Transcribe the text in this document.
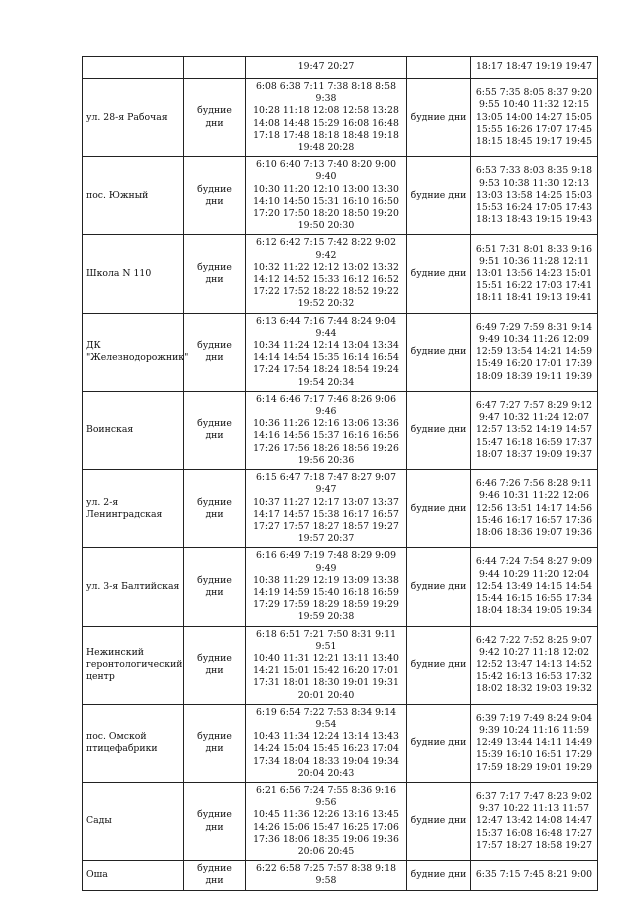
		19:47 20:27		18:17 18:47 19:19 19:47
ул. 28-я Рабочая	будние дни	6:08 6:38 7:11 7:38 8:18 8:58 9:38
10:28 11:18 12:08 12:58 13:28
14:08 14:48 15:29 16:08 16:48
17:18 17:48 18:18 18:48 19:18
19:48 20:28	будние дни	6:55 7:35 8:05 8:37 9:20
9:55 10:40 11:32 12:15
13:05 14:00 14:27 15:05
15:55 16:26 17:07 17:45
18:15 18:45 19:17 19:45
пос. Южный	будние дни	6:10 6:40 7:13 7:40 8:20 9:00 9:40
10:30 11:20 12:10 13:00 13:30
14:10 14:50 15:31 16:10 16:50
17:20 17:50 18:20 18:50 19:20
19:50 20:30	будние дни	6:53 7:33 8:03 8:35 9:18
9:53 10:38 11:30 12:13
13:03 13:58 14:25 15:03
15:53 16:24 17:05 17:43
18:13 18:43 19:15 19:43
Школа N 110	будние дни	6:12 6:42 7:15 7:42 8:22 9:02 9:42
10:32 11:22 12:12 13:02 13:32
14:12 14:52 15:33 16:12 16:52
17:22 17:52 18:22 18:52 19:22
19:52 20:32	будние дни	6:51 7:31 8:01 8:33 9:16
9:51 10:36 11:28 12:11
13:01 13:56 14:23 15:01
15:51 16:22 17:03 17:41
18:11 18:41 19:13 19:41
ДК "Железнодорожник"	будние дни	6:13 6:44 7:16 7:44 8:24 9:04 9:44
10:34 11:24 12:14 13:04 13:34
14:14 14:54 15:35 16:14 16:54
17:24 17:54 18:24 18:54 19:24
19:54 20:34	будние дни	6:49 7:29 7:59 8:31 9:14
9:49 10:34 11:26 12:09
12:59 13:54 14:21 14:59
15:49 16:20 17:01 17:39
18:09 18:39 19:11 19:39
Воинская	будние дни	6:14 6:46 7:17 7:46 8:26 9:06 9:46
10:36 11:26 12:16 13:06 13:36
14:16 14:56 15:37 16:16 16:56
17:26 17:56 18:26 18:56 19:26
19:56 20:36	будние дни	6:47 7:27 7:57 8:29 9:12
9:47 10:32 11:24 12:07
12:57 13:52 14:19 14:57
15:47 16:18 16:59 17:37
18:07 18:37 19:09 19:37
ул. 2-я Ленинградская	будние дни	6:15 6:47 7:18 7:47 8:27 9:07 9:47
10:37 11:27 12:17 13:07 13:37
14:17 14:57 15:38 16:17 16:57
17:27 17:57 18:27 18:57 19:27
19:57 20:37	будние дни	6:46 7:26 7:56 8:28 9:11
9:46 10:31 11:22 12:06
12:56 13:51 14:17 14:56
15:46 16:17 16:57 17:36
18:06 18:36 19:07 19:36
ул. 3-я Балтийская	будние дни	6:16 6:49 7:19 7:48 8:29 9:09 9:49
10:38 11:29 12:19 13:09 13:38
14:19 14:59 15:40 16:18 16:59
17:29 17:59 18:29 18:59 19:29
19:59 20:38	будние дни	6:44 7:24 7:54 8:27 9:09
9:44 10:29 11:20 12:04
12:54 13:49 14:15 14:54
15:44 16:15 16:55 17:34
18:04 18:34 19:05 19:34
Нежинский геронтологический центр	будние дни	6:18 6:51 7:21 7:50 8:31 9:11 9:51
10:40 11:31 12:21 13:11 13:40
14:21 15:01 15:42 16:20 17:01
17:31 18:01 18:30 19:01 19:31
20:01 20:40	будние дни	6:42 7:22 7:52 8:25 9:07
9:42 10:27 11:18 12:02
12:52 13:47 14:13 14:52
15:42 16:13 16:53 17:32
18:02 18:32 19:03 19:32
пос. Омской птицефабрики	будние дни	6:19 6:54 7:22 7:53 8:34 9:14 9:54
10:43 11:34 12:24 13:14 13:43
14:24 15:04 15:45 16:23 17:04
17:34 18:04 18:33 19:04 19:34
20:04 20:43	будние дни	6:39 7:19 7:49 8:24 9:04
9:39 10:24 11:16 11:59
12:49 13:44 14:11 14:49
15:39 16:10 16:51 17:29
17:59 18:29 19:01 19:29
Сады	будние дни	6:21 6:56 7:24 7:55 8:36 9:16 9:56
10:45 11:36 12:26 13:16 13:45
14:26 15:06 15:47 16:25 17:06
17:36 18:06 18:35 19:06 19:36
20:06 20:45	будние дни	6:37 7:17 7:47 8:23 9:02
9:37 10:22 11:13 11:57
12:47 13:42 14:08 14:47
15:37 16:08 16:48 17:27
17:57 18:27 18:58 19:27
Оша	будние дни	6:22 6:58 7:25 7:57 8:38 9:18 9:58	будние дни	6:35 7:15 7:45 8:21 9:00
